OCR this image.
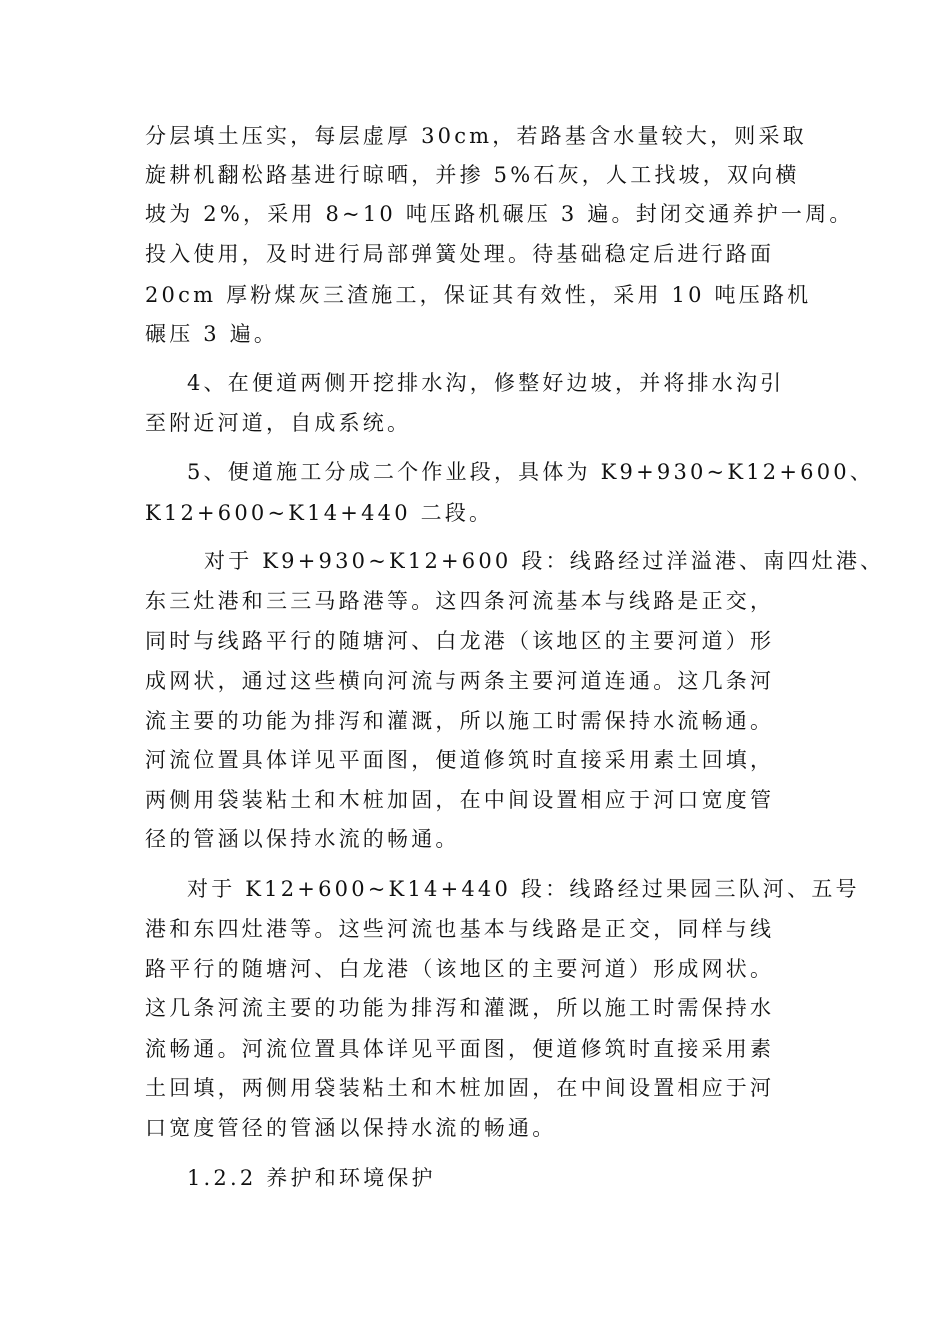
分层填土压实，每层虚厚 30cm，若路基含水量较大，则采取
旋耕机翻松路基进行晾晒，并掺 5%石灰，人工找坡，双向横
坡为 2%，采用 8~10 吨压路机碾压 3 遍。封闭交通养护一周。
投入使用，及时进行局部弹簧处理。待基础稳定后进行路面
20cm 厚粉煤灰三渣施工，保证其有效性，采用 10 吨压路机
碾压 3 遍。
4、在便道两侧开挖排水沟，修整好边坡，并将排水沟引
至附近河道，自成系统。
5、便道施工分成二个作业段，具体为 K9+930~K12+600、
K12+600~K14+440 二段。
对于 K9+930~K12+600 段：线路经过洋溢港、南四灶港、
东三灶港和三三马路港等。这四条河流基本与线路是正交，
同时与线路平行的随塘河、白龙港（该地区的主要河道）形
成网状，通过这些横向河流与两条主要河道连通。这几条河
流主要的功能为排泻和灌溉，所以施工时需保持水流畅通。
河流位置具体详见平面图，便道修筑时直接采用素土回填，
两侧用袋装粘土和木桩加固，在中间设置相应于河口宽度管
径的管涵以保持水流的畅通。
对于 K12+600~K14+440 段：线路经过果园三队河、五号
港和东四灶港等。这些河流也基本与线路是正交，同样与线
路平行的随塘河、白龙港（该地区的主要河道）形成网状。
这几条河流主要的功能为排泻和灌溉，所以施工时需保持水
流畅通。河流位置具体详见平面图，便道修筑时直接采用素
土回填，两侧用袋装粘土和木桩加固，在中间设置相应于河
口宽度管径的管涵以保持水流的畅通。
1.2.2 养护和环境保护
